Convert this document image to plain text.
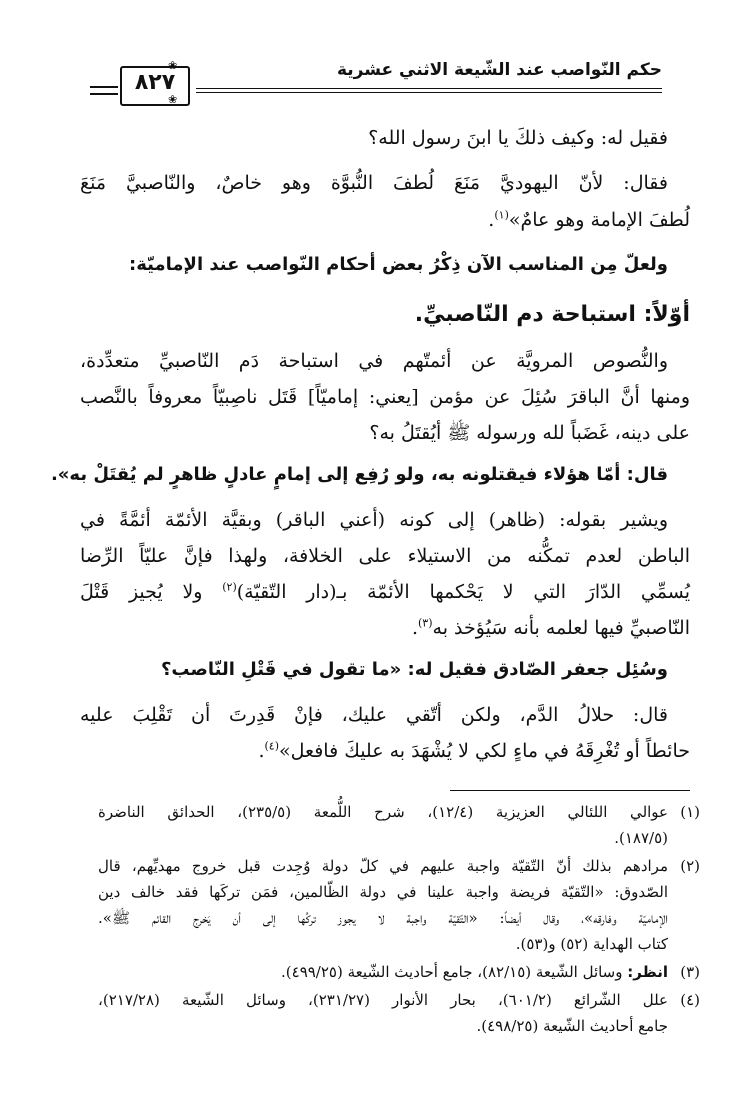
حكم النّواصب عند الشّيعة الاثني عشرية
❀
❀
٨٢٧
فقيل له: وكيف ذلكَ يا ابنَ رسول الله؟
فقال: لأنّ اليهوديَّ مَنَعَ لُطفَ النُّبوَّة وهو خاصٌ، والنّاصبيَّ مَنَعَ
لُطفَ الإمامة وهو عامٌ»$^{(١)}$.
ولعلّ مِن المناسب الآن ذِكْرُ بعض أحكام النّواصب عند الإماميّة:
أوّلاً: استباحة دم النّاصبيِّ.
والنُّصوص المرويَّة عن أئمتّهم في استباحة دَم النّاصبيِّ متعدِّدة،
ومنها أنَّ الباقرَ سُئِلَ عن مؤمن [يعني: إماميّاً] قَتَل ناصِبيّاً معروفاً بالنَّصب
على دينه، غَضَباً لله ورسوله ﷺ أيُقتَلُ به؟
قال: أمّا هؤلاء فيقتلونه به، ولو رُفِع إلى إمامٍ عادلٍ ظاهرٍ لم يُقتَلْ به».
ويشير بقوله: (ظاهر) إلى كونه (أعني الباقر) وبقيَّة الأئمّة أئمَّةً في
الباطن لعدم تمكُّنه من الاستيلاء على الخلافة، ولهذا فإنَّ عليّاً الرِّضا
يُسمِّي الدّارَ التي لا يَحْكمها الأئمّة بـ(دار التّقيّة)$^{(٢)}$ ولا يُجيز قَتْلَ
النّاصبيِّ فيها لعلمه بأنه سَيُؤخذ به$^{(٣)}$.
وسُئِل جعفر الصّادق فقيل له: «ما تقول في قَتْلِ النّاصب؟
قال: حلالُ الدَّم، ولكن أتّقي عليك، فإنْ قَدِرتَ أن تَقْلِبَ عليه
حائطاً أو تُغْرِقَهُ في ماءٍ لكي لا يُشْهَدَ به عليكَ فافعل»$^{(٤)}$.
(١)
عوالي اللئالي العزيزية (١٢/٤)، شرح اللُّمعة (٢٣٥/٥)، الحدائق الناضرة
(١٨٧/٥).
(٢)
مرادهم بذلك أنّ التّقيّة واجبة عليهم في كلّ دولة وُجِدت قبل خروج مهديِّهم، قال
الصّدوق: «التّقيّة فريضة واجبة علينا في دولة الظّالمين، فمَن تركَها فقد خالف دين
الإماميّة وفارقه»، وقال أيضاً: «التّقيّة واجبة لا يجوز تركُها إلى أن يَخرج القائم ﷺ».
كتاب الهداية (٥٢) و(٥٣).
(٣)
انظر: وسائل الشّيعة (٨٢/١٥)، جامع أحاديث الشّيعة (٤٩٩/٢٥).
(٤)
علل الشّرائع (٦٠١/٢)، بحار الأنوار (٢٣١/٢٧)، وسائل الشّيعة (٢١٧/٢٨)،
جامع أحاديث الشّيعة (٤٩٨/٢٥).
